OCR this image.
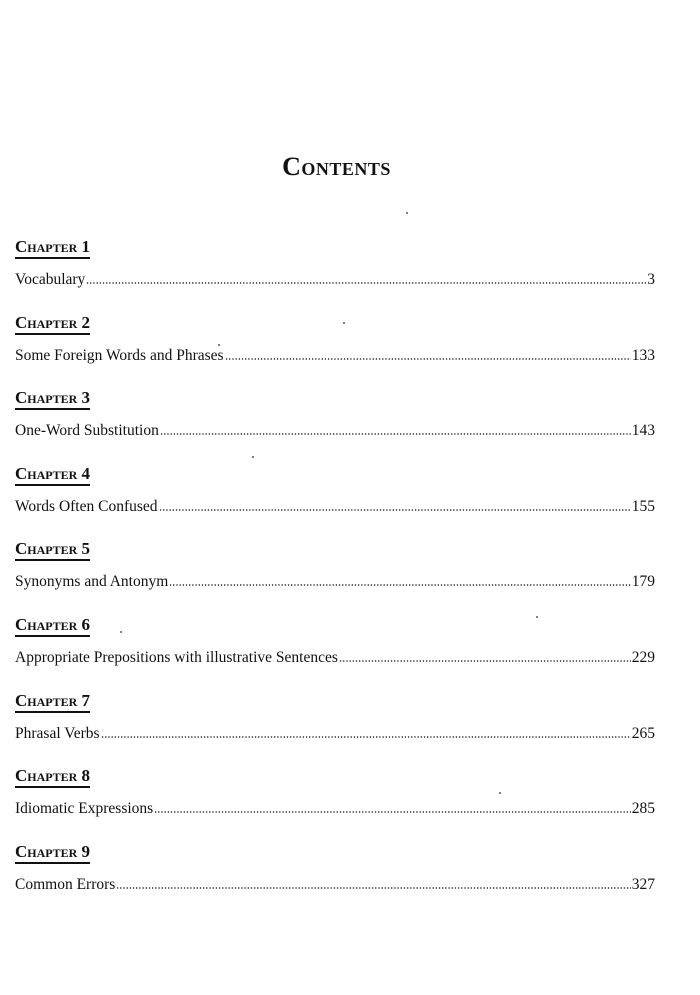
Contents
Chapter 1
Vocabulary	3
Chapter 2
Some Foreign Words and Phrases	133
Chapter 3
One-Word Substitution	143
Chapter 4
Words Often Confused	155
Chapter 5
Synonyms and Antonym	179
Chapter 6
Appropriate Prepositions with illustrative Sentences	229
Chapter 7
Phrasal Verbs	265
Chapter 8
Idiomatic Expressions	285
Chapter 9
Common Errors	327
